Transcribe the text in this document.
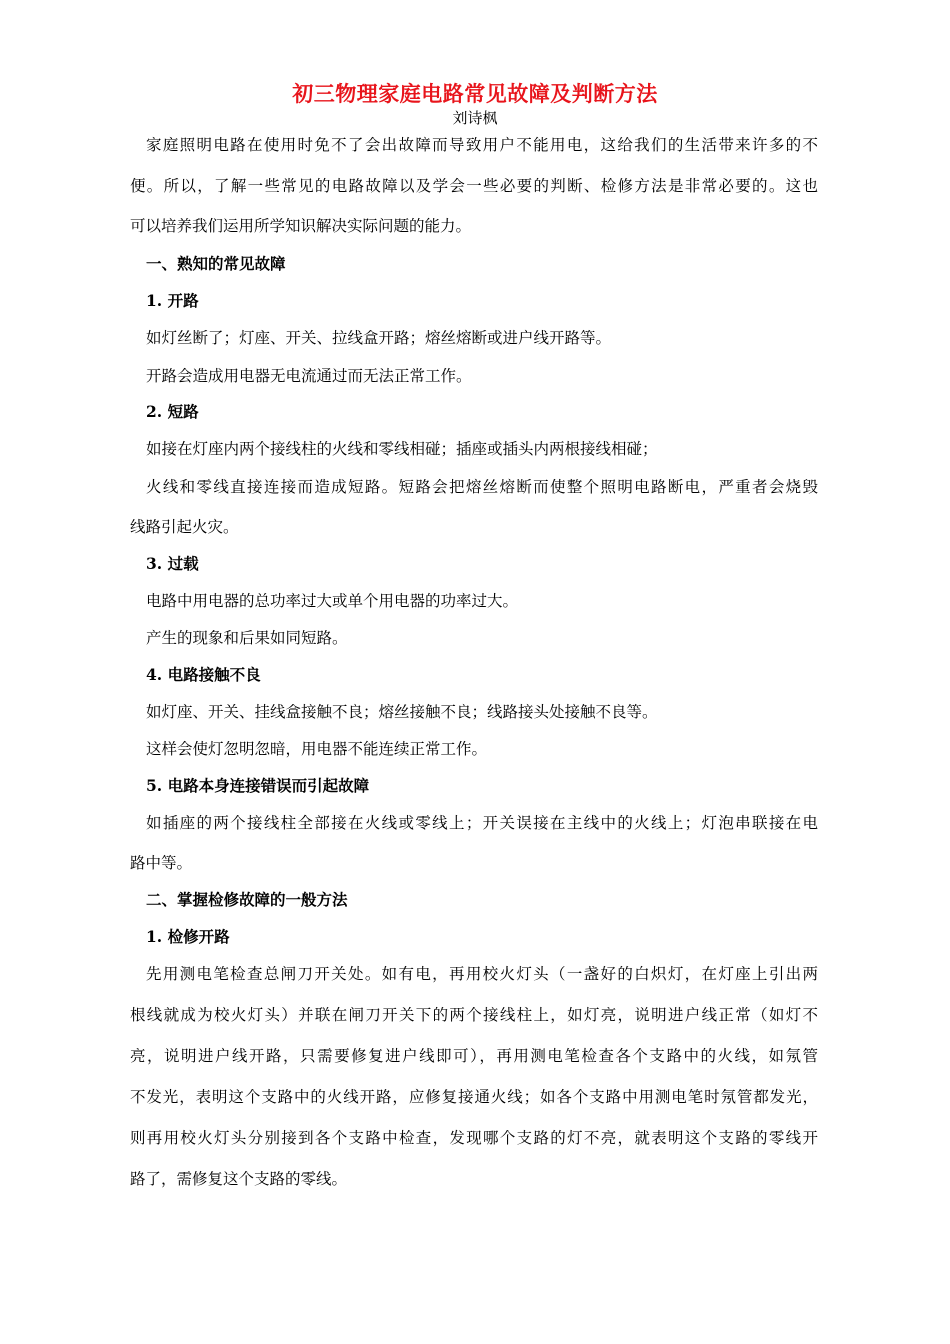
初三物理家庭电路常见故障及判断方法
刘诗枫
家庭照明电路在使用时免不了会出故障而导致用户不能用电，这给我们的生活带来许多的不
便。所以，了解一些常见的电路故障以及学会一些必要的判断、检修方法是非常必要的。这也
可以培养我们运用所学知识解决实际问题的能力。
一、熟知的常见故障
1. 开路
如灯丝断了；灯座、开关、拉线盒开路；熔丝熔断或进户线开路等。
开路会造成用电器无电流通过而无法正常工作。
2. 短路
如接在灯座内两个接线柱的火线和零线相碰；插座或插头内两根接线相碰；
火线和零线直接连接而造成短路。短路会把熔丝熔断而使整个照明电路断电，严重者会烧毁
线路引起火灾。
3. 过载
电路中用电器的总功率过大或单个用电器的功率过大。
产生的现象和后果如同短路。
4. 电路接触不良
如灯座、开关、挂线盒接触不良；熔丝接触不良；线路接头处接触不良等。
这样会使灯忽明忽暗，用电器不能连续正常工作。
5. 电路本身连接错误而引起故障
如插座的两个接线柱全部接在火线或零线上；开关误接在主线中的火线上；灯泡串联接在电
路中等。
二、掌握检修故障的一般方法
1. 检修开路
先用测电笔检查总闸刀开关处。如有电，再用校火灯头（一盏好的白炽灯，在灯座上引出两
根线就成为校火灯头）并联在闸刀开关下的两个接线柱上，如灯亮，说明进户线正常（如灯不
亮，说明进户线开路，只需要修复进户线即可），再用测电笔检查各个支路中的火线，如氖管
不发光，表明这个支路中的火线开路，应修复接通火线；如各个支路中用测电笔时氖管都发光，
则再用校火灯头分别接到各个支路中检查，发现哪个支路的灯不亮，就表明这个支路的零线开
路了，需修复这个支路的零线。
